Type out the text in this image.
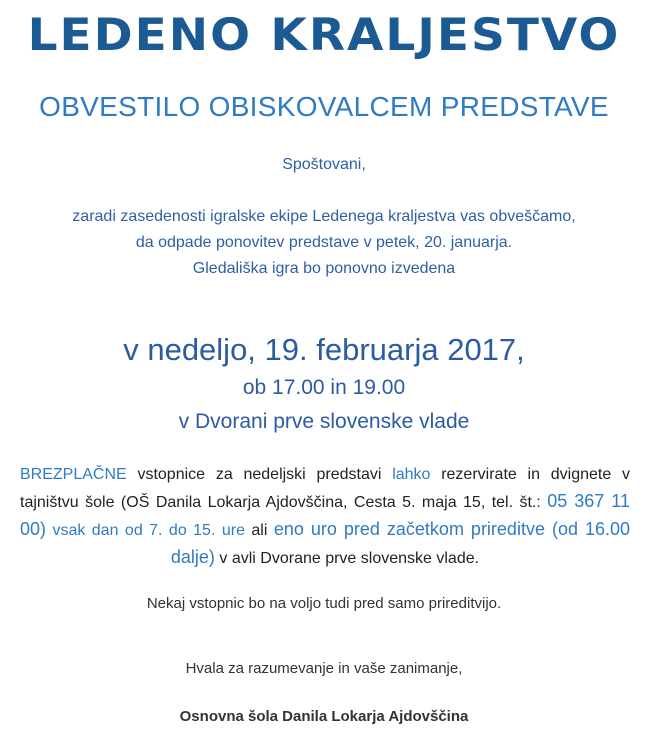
LEDENO KRALJESTVO
OBVESTILO OBISKOVALCEM PREDSTAVE
Spoštovani,
zaradi zasedenosti igralske ekipe Ledenega kraljestva vas obveščamo,
da odpade ponovitev predstave v petek, 20. januarja.
Gledališka igra bo ponovno izvedena
v nedeljo, 19. februarja 2017,
ob 17.00 in 19.00
v Dvorani prve slovenske vlade
BREZPLAČNE vstopnice za nedeljski predstavi lahko rezervirate in dvignete v tajništvu šole (OŠ Danila Lokarja Ajdovščina, Cesta 5. maja 15, tel. št.: 05 367 11 00) vsak dan od 7. do 15. ure ali eno uro pred začetkom prireditve (od 16.00 dalje) v avli Dvorane prve slovenske vlade.
Nekaj vstopnic bo na voljo tudi pred samo prireditvijo.
Hvala za razumevanje in vaše zanimanje,
Osnovna šola Danila Lokarja Ajdovščina
